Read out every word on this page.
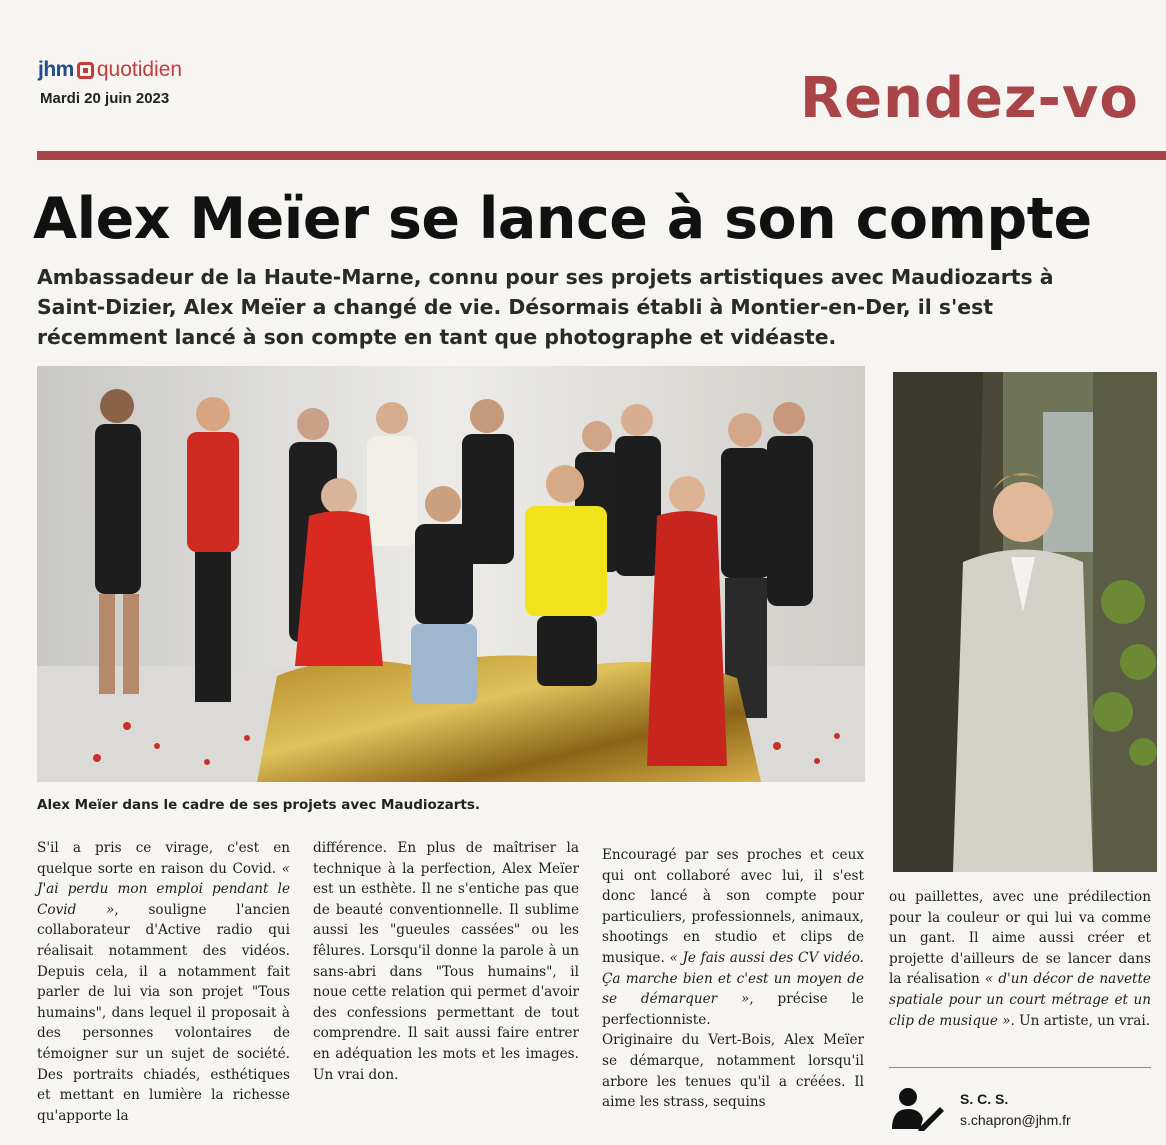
jhm quotidien
Mardi 20 juin 2023	Rendez-vo
Alex Meïer se lance à son compte
Ambassadeur de la Haute-Marne, connu pour ses projets artistiques avec Maudiozarts à Saint-Dizier, Alex Meïer a changé de vie. Désormais établi à Montier-en-Der, il s'est récemment lancé à son compte en tant que photographe et vidéaste.
Alex Meïer dans le cadre de ses projets avec Maudiozarts.

S'il a pris ce virage, c'est en quelque sorte en raison du Covid. « J'ai perdu mon emploi pendant le Covid », souligne l'ancien collaborateur d'Active radio qui réalisait notamment des vidéos. Depuis cela, il a notamment fait parler de lui via son projet "Tous humains", dans lequel il proposait à des personnes volontaires de témoigner sur un sujet de société. Des portraits chiadés, esthétiques et mettant en lumière la richesse qu'apporte la

différence. En plus de maîtriser la technique à la perfection, Alex Meïer est un esthète. Il ne s'entiche pas que de beauté conventionnelle. Il sublime aussi les "gueules cassées" ou les fêlures. Lorsqu'il donne la parole à un sans-abri dans "Tous humains", il noue cette relation qui permet d'avoir des confessions permettant de tout comprendre. Il sait aussi faire entrer en adéquation les mots et les images. Un vrai don.

Encouragé par ses proches et ceux qui ont collaboré avec lui, il s'est donc lancé à son compte pour particuliers, professionnels, animaux, shootings en studio et clips de musique. « Je fais aussi des CV vidéo. Ça marche bien et c'est un moyen de se démarquer », précise le perfectionniste.

Originaire du Vert-Bois, Alex Meïer se démarque, notamment lorsqu'il arbore les tenues qu'il a créées. Il aime les strass, sequins

ou paillettes, avec une prédilection pour la couleur or qui lui va comme un gant. Il aime aussi créer et projette d'ailleurs de se lancer dans la réalisation « d'un décor de navette spatiale pour un court métrage et un clip de musique ». Un artiste, un vrai.

S. C. S.
s.chapron@jhm.fr
